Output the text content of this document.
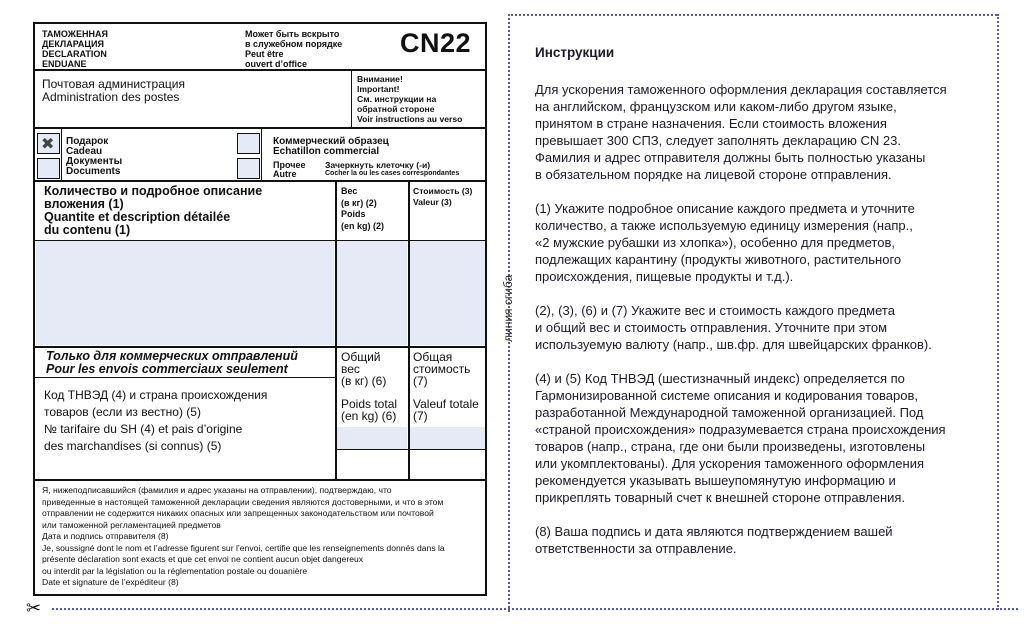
✂
линия сгиба
ТАМОЖЕННАЯ
ДЕКЛАРАЦИЯ
DECLARATION
ENDUANE
Может быть вскрыто
в служебном порядке
Peut être
ouvert d’office
CN22
Почтовая администрация
Administration des postes
Внимание!
Important!
См. инструкции на
обратной стороне
Voir instructions au verso
✖ Подарок
Cadeau
Документы
Documents
Коммерческий образец
Echatillon commercial
Прочее
Autre
Зачеркнуть клеточку (-и)
Cocher la ou les cases correspondantes
Количество и подробное описание
вложения (1)
Quantite et description détailée
du contenu (1)
Вес
(в кг) (2)
Poids
(en kg) (2)
Стоимость (3)
Valeur (3)
Только для коммерческих отправлений
Pour les envois commerciaux seulement
Общий
вес
(в кг) (6)
Poids total
(en kg) (6)
Общая
стоимость
(7)
Valeuf totale
(7)
Код ТНВЭД (4) и страна происхождения
товаров (если из вестно) (5)
№ tarifaire du SH (4) et pais d’origine
des marchandises (si connus) (5)
Я, нижеподписавшийся (фамилия и адрес указаны на отправлении), подтверждаю, что
приведенные в настоящей таможенной декларации сведения являются достоверными, и что в этом
отправлении не содержится никаких опасных или запрещенных законодательством или почтовой
или таможенной регламентацией предметов
Дата и подпись отправителя (8)
Je, soussigné dont le nom et l’adresse figurent sur l’envoi, certifie que les renseignements donnés dans la
présente déclaration sont exacts et que cet envoi ne contient aucun objet dangereux
ou interdit par la législation ou la réglementation postale ou douanière
Date et signature de l’expéditeur (8)
Инструкции

Для ускорения таможенного оформления декларация составляется
на английском, французском или каком-либо другом языке,
принятом в стране назначения. Если стоимость вложения
превышает 300 СПЗ, следует заполнять декларацию CN 23.
Фамилия и адрес отправителя должны быть полностью указаны
в обязательном порядке на лицевой стороне отправления.

(1) Укажите подробное описание каждого предмета и уточните
количество, а также используемую единицу измерения (напр.,
«2 мужские рубашки из хлопка»), особенно для предметов,
подлежащих карантину (продукты животного, растительного
происхождения, пищевые продукты и т.д.).

(2), (3), (6) и (7) Укажите вес и стоимость каждого предмета
и общий вес и стоимость отправления. Уточните при этом
используемую валюту (напр., шв.фр. для швейцарских франков).

(4) и (5) Код ТНВЭД (шестизначный индекс) определяется по
Гармонизированной системе описания и кодирования товаров,
разработанной Международной таможенной организацией. Под
«страной происхождения» подразумевается страна происхождения
товаров (напр., страна, где они были произведены, изготовлены
или укомплектованы). Для ускорения таможенного оформления
рекомендуется указывать вышеупомянутую информацию и
прикреплять товарный счет к внешней стороне отправления.

(8) Ваша подпись и дата являются подтверждением вашей
ответственности за отправление.
